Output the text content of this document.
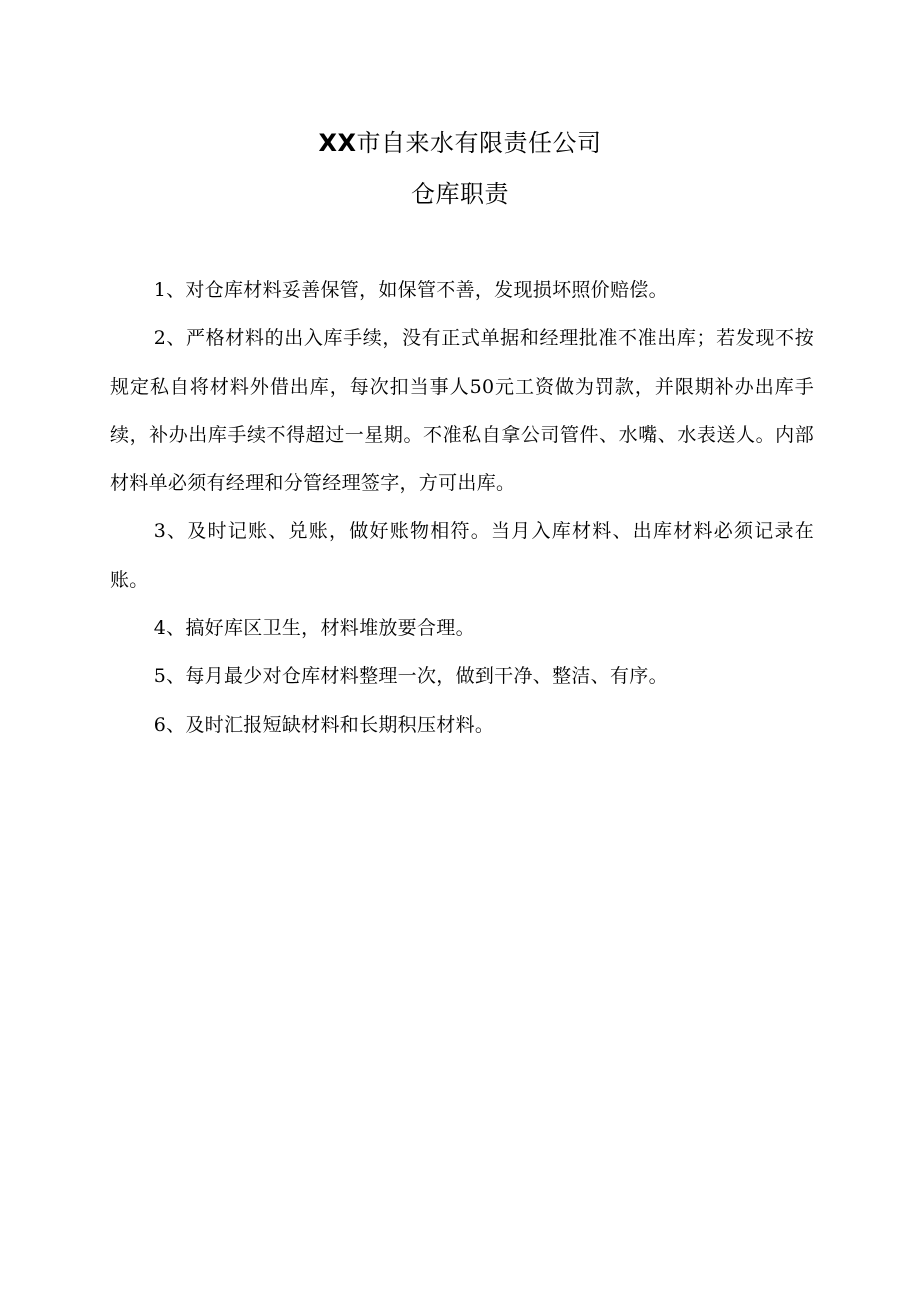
XX市自来水有限责任公司
仓库职责

1、对仓库材料妥善保管，如保管不善，发现损坏照价赔偿。

2、严格材料的出入库手续，没有正式单据和经理批准不准出库；若发现不按规定私自将材料外借出库，每次扣当事人50元工资做为罚款，并限期补办出库手续，补办出库手续不得超过一星期。不准私自拿公司管件、水嘴、水表送人。内部材料单必须有经理和分管经理签字，方可出库。

3、及时记账、兑账，做好账物相符。当月入库材料、出库材料必须记录在账。

4、搞好库区卫生，材料堆放要合理。

5、每月最少对仓库材料整理一次，做到干净、整洁、有序。

6、及时汇报短缺材料和长期积压材料。
